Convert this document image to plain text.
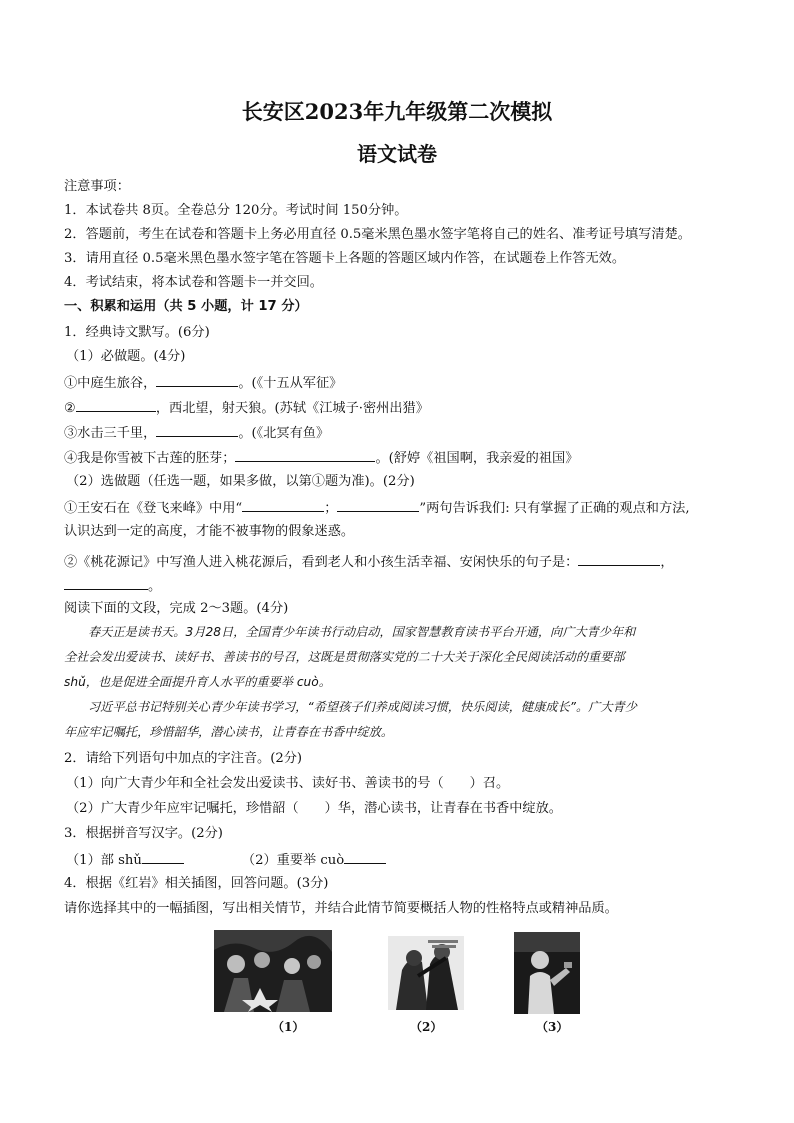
长安区2023年九年级第二次模拟
语文试卷
注意事项：
1．本试卷共 8页。全卷总分 120分。考试时间 150分钟。
2．答题前，考生在试卷和答题卡上务必用直径 0.5毫米黑色墨水签字笔将自己的姓名、准考证号填写清楚。
3．请用直径 0.5毫米黑色墨水签字笔在答题卡上各题的答题区域内作答，在试题卷上作答无效。
4．考试结束，将本试卷和答题卡一并交回。
一、积累和运用（共 5 小题，计 17 分）
1．经典诗文默写。(6分)
（1）必做题。(4分)
①中庭生旅谷，	。(《十五从军征》
②	，西北望，射天狼。(苏轼《江城子·密州出猎》
③水击三千里，	。(《北冥有鱼》
④我是你雪被下古莲的胚芽；	。(舒婷《祖国啊，我亲爱的祖国》
（2）选做题（任选一题，如果多做，以第①题为准)。(2分)
①王安石在《登飞来峰》中用“	；	”两句告诉我们: 只有掌握了正确的观点和方法,
认识达到一定的高度，才能不被事物的假象迷惑。
②《桃花源记》中写渔人进入桃花源后，看到老人和小孩生活幸福、安闲快乐的句子是：	，
。
阅读下面的文段，完成 2～3题。(4分)
春天正是读书天。3月28日，全国青少年读书行动启动，国家智慧教育读书平台开通，向广大青少年和
全社会发出爱读书、读好书、善读书的号召，这既是贯彻落实党的二十大关于深化全民阅读活动的重要部
shǔ，也是促进全面提升育人水平的重要举 cuò。
习近平总书记特别关心青少年读书学习，“希望孩子们养成阅读习惯，快乐阅读，健康成长”。广大青少
年应牢记嘱托，珍惜韶华，潜心读书，让青春在书香中绽放。
2．请给下列语句中加点的字注音。(2分)
（1）向广大青少年和全社会发出爱读书、读好书、善读书的号（ ）召。
（2）广大青少年应牢记嘱托，珍惜韶（ ）华，潜心读书，让青春在书香中绽放。
3．根据拼音写汉字。(2分)
（1）部 shǔ	（2）重要举 cuò
4．根据《红岩》相关插图，回答问题。(3分)
请你选择其中的一幅插图，写出相关情节，并结合此情节简要概括人物的性格特点或精神品质。
（1）	（2）	（3）
